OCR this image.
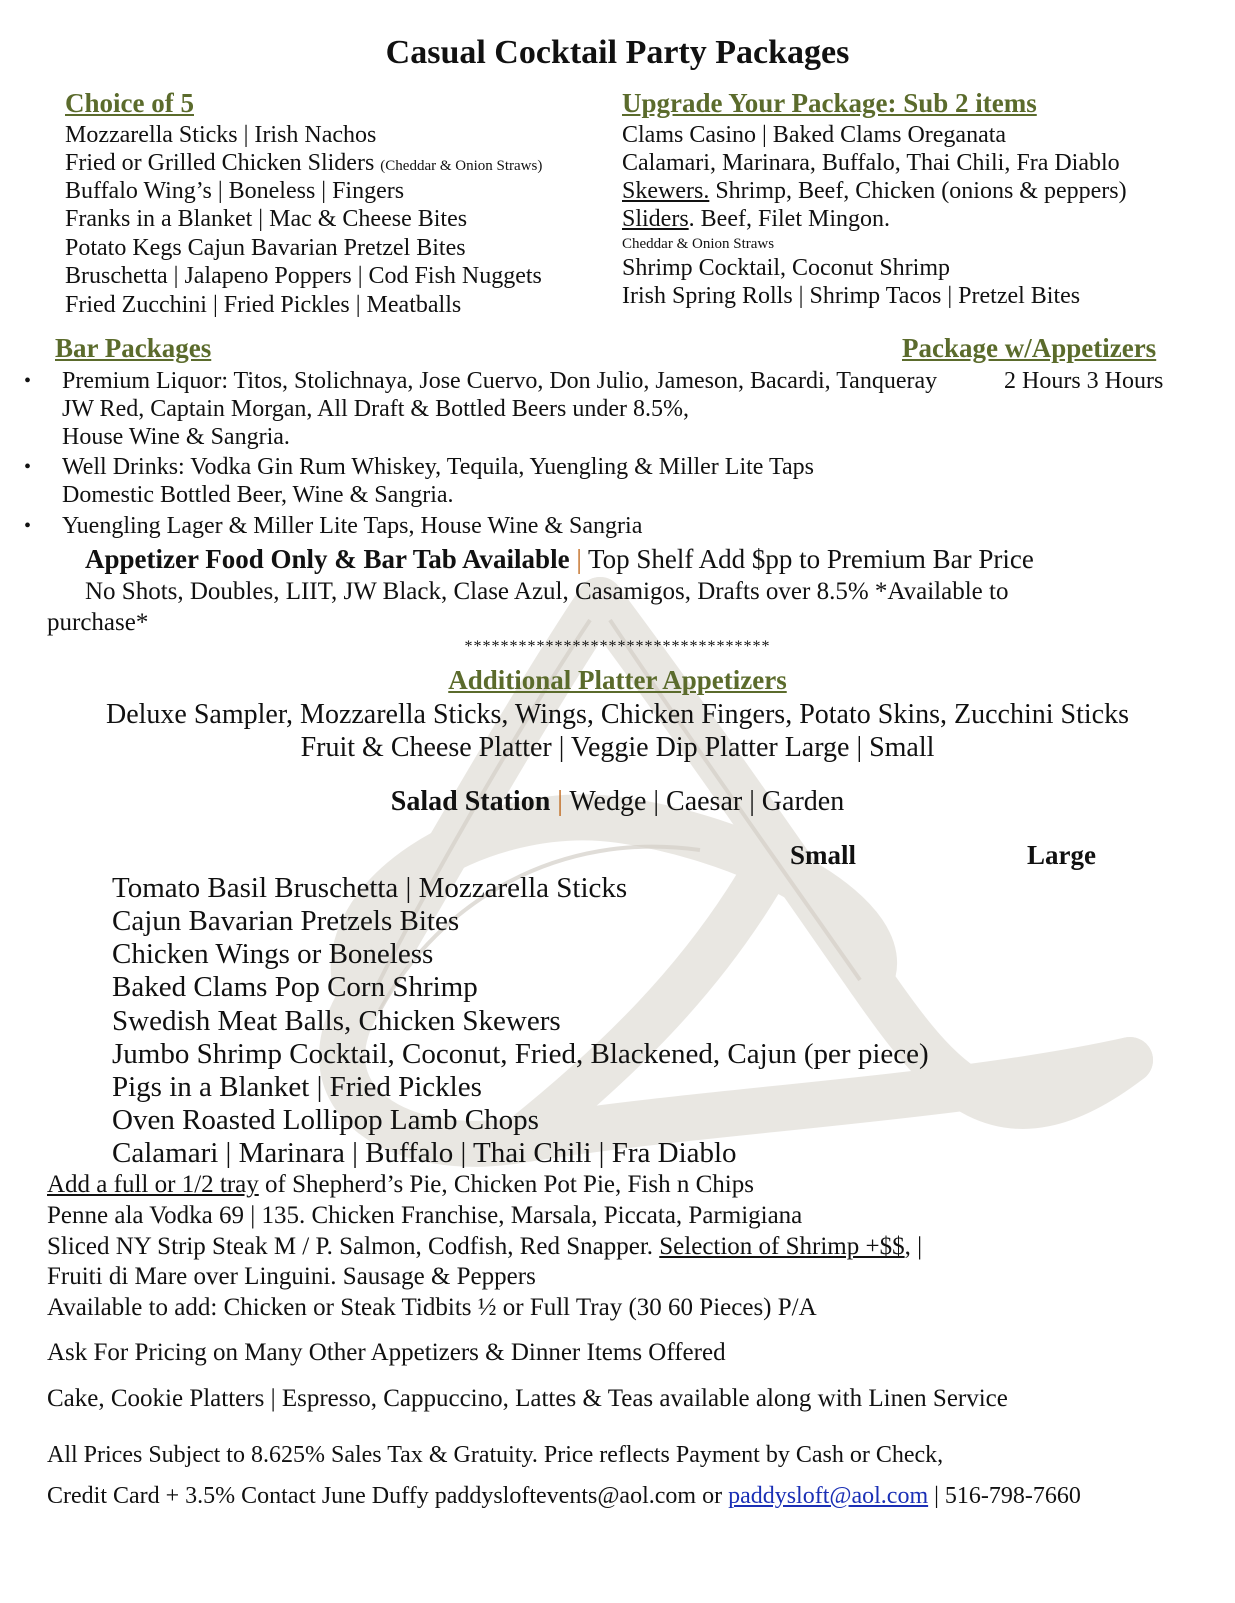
Casual Cocktail Party Packages
Choice of 5
Mozzarella Sticks | Irish Nachos
Fried or Grilled Chicken Sliders (Cheddar & Onion Straws)
Buffalo Wing’s | Boneless | Fingers
Franks in a Blanket | Mac & Cheese Bites
Potato Kegs Cajun Bavarian Pretzel Bites
Bruschetta | Jalapeno Poppers | Cod Fish Nuggets
Fried Zucchini | Fried Pickles | Meatballs
Upgrade Your Package: Sub 2 items
Clams Casino | Baked Clams Oreganata
Calamari, Marinara, Buffalo, Thai Chili, Fra Diablo
Skewers. Shrimp, Beef, Chicken (onions & peppers)
Sliders. Beef, Filet Mingon.
Cheddar & Onion Straws
Shrimp Cocktail, Coconut Shrimp
Irish Spring Rolls | Shrimp Tacos | Pretzel Bites
Bar Packages	Package w/Appetizers
• Premium Liquor: Titos, Stolichnaya, Jose Cuervo, Don Julio, Jameson, Bacardi, Tanqueray	2 Hours 3 Hours
JW Red, Captain Morgan, All Draft & Bottled Beers under 8.5%,
House Wine & Sangria.
• Well Drinks: Vodka Gin Rum Whiskey, Tequila, Yuengling & Miller Lite Taps
Domestic Bottled Beer, Wine & Sangria.
• Yuengling Lager & Miller Lite Taps, House Wine & Sangria
Appetizer Food Only & Bar Tab Available | Top Shelf Add $pp to Premium Bar Price
No Shots, Doubles, LIIT, JW Black, Clase Azul, Casamigos, Drafts over 8.5% *Available to
purchase*
**********************************
Additional Platter Appetizers
Deluxe Sampler, Mozzarella Sticks, Wings, Chicken Fingers, Potato Skins, Zucchini Sticks
Fruit & Cheese Platter | Veggie Dip Platter Large | Small
Salad Station | Wedge | Caesar | Garden
Small	Large
Tomato Basil Bruschetta | Mozzarella Sticks
Cajun Bavarian Pretzels Bites
Chicken Wings or Boneless
Baked Clams Pop Corn Shrimp
Swedish Meat Balls, Chicken Skewers
Jumbo Shrimp Cocktail, Coconut, Fried, Blackened, Cajun (per piece)
Pigs in a Blanket | Fried Pickles
Oven Roasted Lollipop Lamb Chops
Calamari | Marinara | Buffalo | Thai Chili | Fra Diablo
Add a full or 1/2 tray of Shepherd’s Pie, Chicken Pot Pie, Fish n Chips
Penne ala Vodka 69 | 135. Chicken Franchise, Marsala, Piccata, Parmigiana
Sliced NY Strip Steak M / P. Salmon, Codfish, Red Snapper. Selection of Shrimp +$$, |
Fruiti di Mare over Linguini. Sausage & Peppers
Available to add: Chicken or Steak Tidbits ½ or Full Tray (30 60 Pieces) P/A
Ask For Pricing on Many Other Appetizers & Dinner Items Offered
Cake, Cookie Platters | Espresso, Cappuccino, Lattes & Teas available along with Linen Service
All Prices Subject to 8.625% Sales Tax & Gratuity. Price reflects Payment by Cash or Check,
Credit Card + 3.5% Contact June Duffy paddysloftevents@aol.com or paddysloft@aol.com | 516-798-7660
